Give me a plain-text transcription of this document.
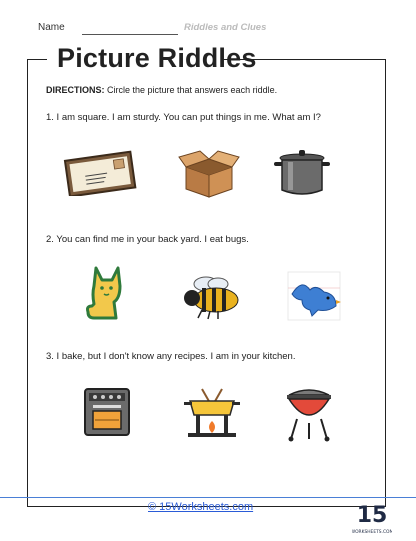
Name	Riddles and Clues
Picture Riddles
DIRECTIONS: Circle the picture that answers each riddle.
1. I am square. I am sturdy. You can put things in me. What am I?
2. You can find me in your back yard. I eat bugs.
3. I bake, but I don't know any recipes. I am in your kitchen.
© 15Worksheets.com	15
WORKSHEETS.COM
